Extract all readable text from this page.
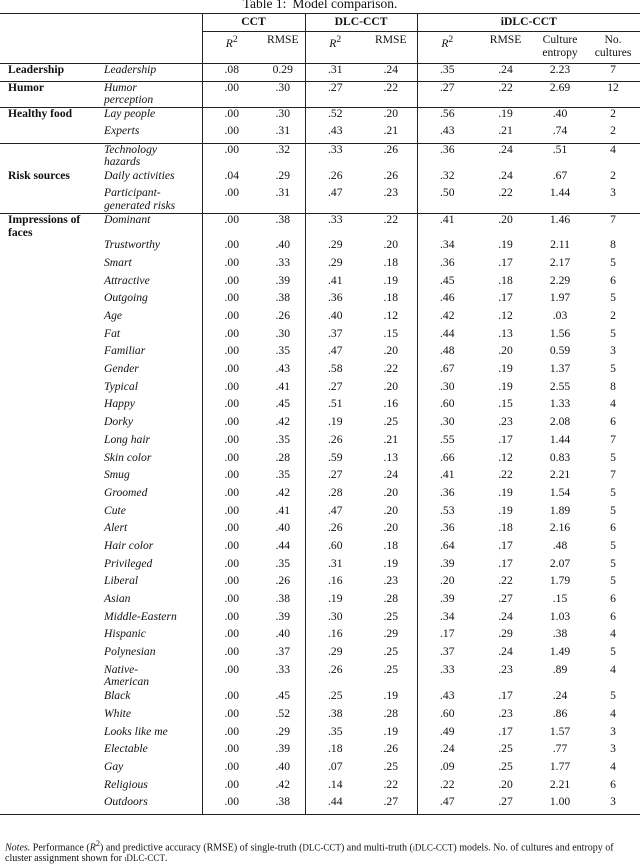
Table 1: Model comparison.
		CCT		DLC-CCT		iDLC-CCT			
		$R^2$	RMSE	$R^2$	RMSE	$R^2$	RMSE	Culture
entropy	No.
cultures
Leadership	Leadership	.08	0.29	.31	.24	.35	.24	2.23	7
Humor	Humor
perception	.00	.30	.27	.22	.27	.22	2.69	12
Healthy food	Lay people	.00	.30	.52	.20	.56	.19	.40	2
	Experts	.00	.31	.43	.21	.43	.21	.74	2
	Technology
hazards	.00	.32	.33	.26	.36	.24	.51	4
Risk sources	Daily activities	.04	.29	.26	.26	.32	.24	.67	2
	Participant-
generated risks	.00	.31	.47	.23	.50	.22	1.44	3
Impressions of
faces	Dominant	.00	.38	.33	.22	.41	.20	1.46	7
	Trustworthy	.00	.40	.29	.20	.34	.19	2.11	8
	Smart	.00	.33	.29	.18	.36	.17	2.17	5
	Attractive	.00	.39	.41	.19	.45	.18	2.29	6
	Outgoing	.00	.38	.36	.18	.46	.17	1.97	5
	Age	.00	.26	.40	.12	.42	.12	.03	2
	Fat	.00	.30	.37	.15	.44	.13	1.56	5
	Familiar	.00	.35	.47	.20	.48	.20	0.59	3
	Gender	.00	.43	.58	.22	.67	.19	1.37	5
	Typical	.00	.41	.27	.20	.30	.19	2.55	8
	Happy	.00	.45	.51	.16	.60	.15	1.33	4
	Dorky	.00	.42	.19	.25	.30	.23	2.08	6
	Long hair	.00	.35	.26	.21	.55	.17	1.44	7
	Skin color	.00	.28	.59	.13	.66	.12	0.83	5
	Smug	.00	.35	.27	.24	.41	.22	2.21	7
	Groomed	.00	.42	.28	.20	.36	.19	1.54	5
	Cute	.00	.41	.47	.20	.53	.19	1.89	5
	Alert	.00	.40	.26	.20	.36	.18	2.16	6
	Hair color	.00	.44	.60	.18	.64	.17	.48	5
	Privileged	.00	.35	.31	.19	.39	.17	2.07	5
	Liberal	.00	.26	.16	.23	.20	.22	1.79	5
	Asian	.00	.38	.19	.28	.39	.27	.15	6
	Middle-Eastern	.00	.39	.30	.25	.34	.24	1.03	6
	Hispanic	.00	.40	.16	.29	.17	.29	.38	4
	Polynesian	.00	.37	.29	.25	.37	.24	1.49	5
	Native-
American	.00	.33	.26	.25	.33	.23	.89	4
	Black	.00	.45	.25	.19	.43	.17	.24	5
	White	.00	.52	.38	.28	.60	.23	.86	4
	Looks like me	.00	.29	.35	.19	.49	.17	1.57	3
	Electable	.00	.39	.18	.26	.24	.25	.77	3
	Gay	.00	.40	.07	.25	.09	.25	1.77	4
	Religious	.00	.42	.14	.22	.22	.20	2.21	6
	Outdoors	.00	.38	.44	.27	.47	.27	1.00	3
Notes. Performance $(R^2)$ and predictive accuracy (RMSE) of single-truth (DLC-CCT) and multi-truth (iDLC-CCT) models. No. of cultures and entropy of cluster assignment shown for iDLC-CCT.
